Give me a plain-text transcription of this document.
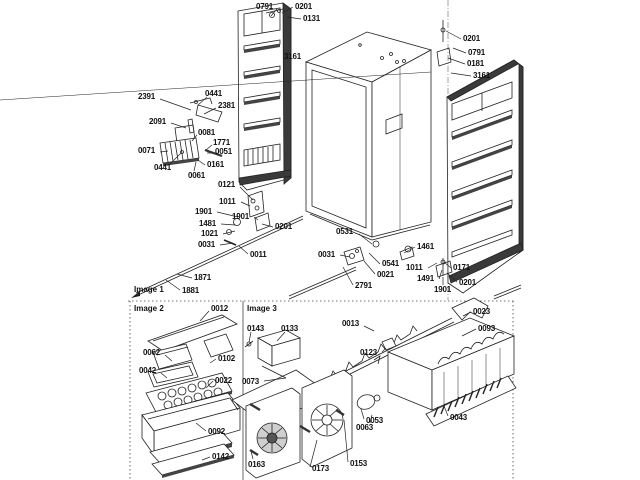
Image 1
Image 2	Image 3
0791	0201
0131
3161
2391	0441
2381
2091
0081
1771
0071	0051
0161
0061
0441
0121
1011
1901
1901
1481
1021
0031
0201
0011
1871
1881
0531
0031
0541
0021
2791
1461
1011	0171
1491	0201
1901
0201
0791
0181
3161
0012
0062
0102
0042
0022
0092
0142
0143 0133
0013
0023
0093
0123
0073
0053
0063
0043
0163	0173
0153
